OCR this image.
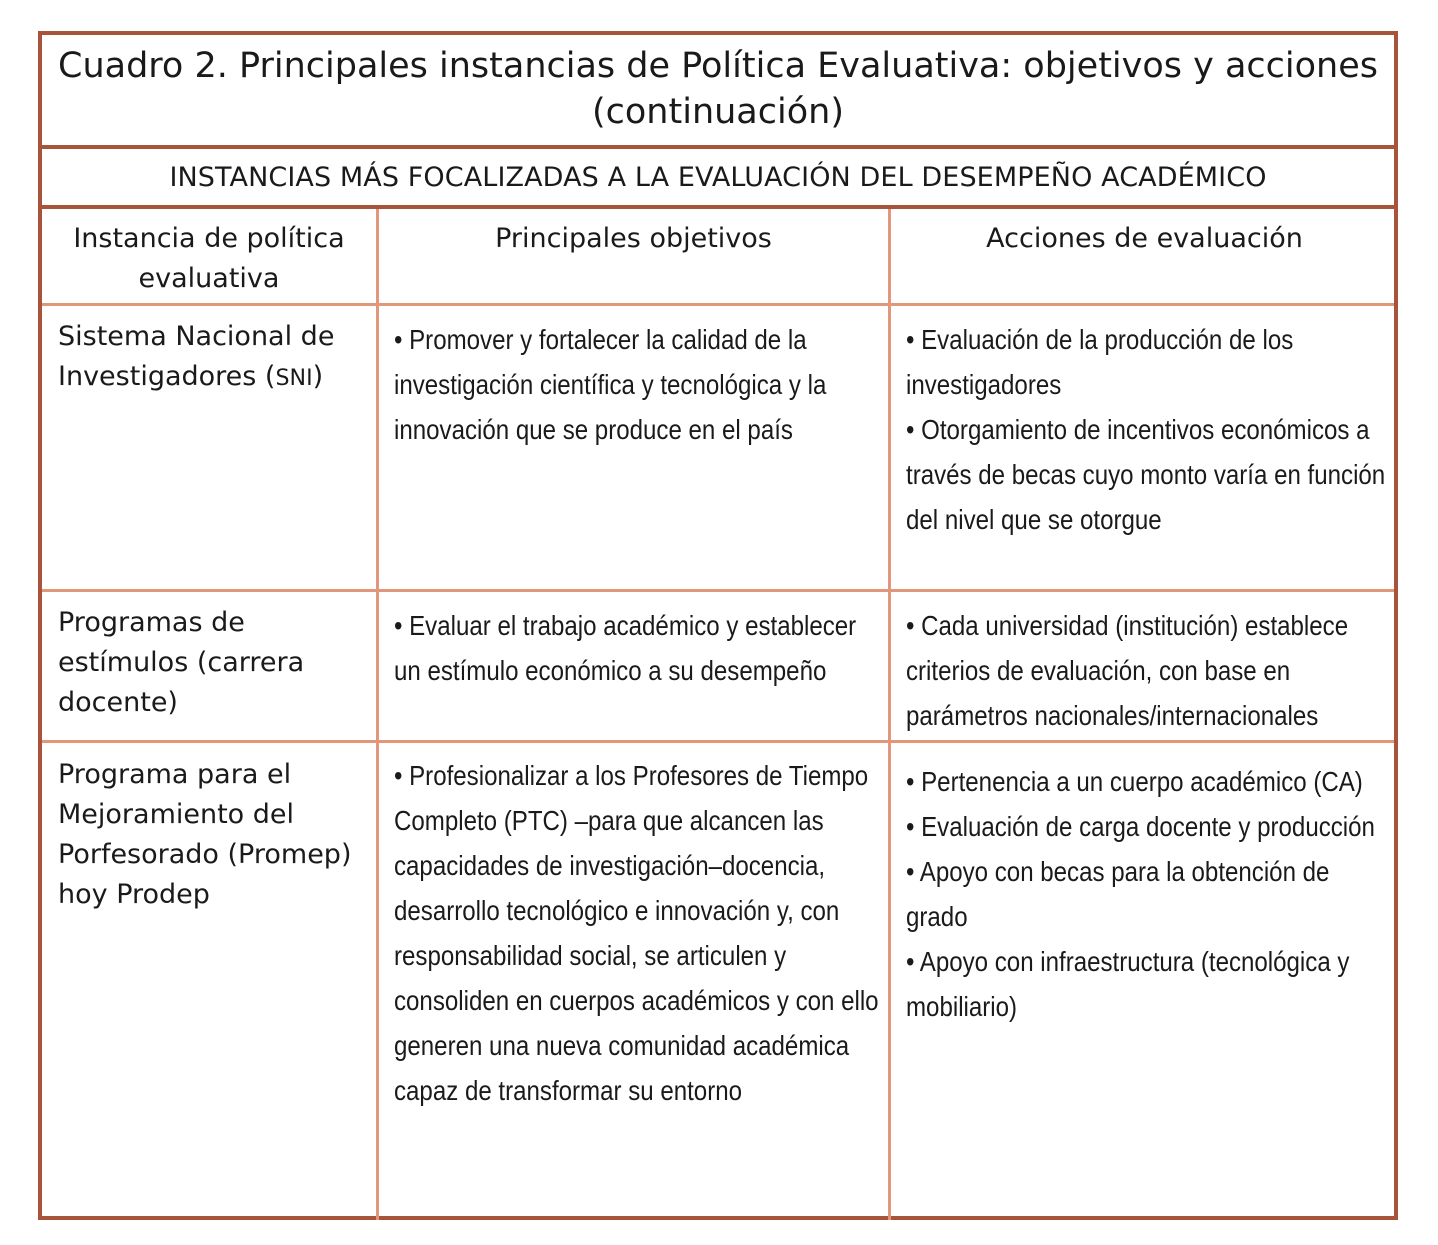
Cuadro 2. Principales instancias de Política Evaluativa: objetivos y acciones
(continuación)
INSTANCIAS MÁS FOCALIZADAS A LA EVALUACIÓN DEL DESEMPEÑO ACADÉMICO
Instancia de política evaluativa
Principales objetivos	Acciones de evaluación
Sistema Nacional de Investigadores (SNI)

• Promover y fortalecer la calidad de la investigación científica y tecnológica y la innovación que se produce en el país

• Evaluación de la producción de los investigadores

• Otorgamiento de incentivos económicos a través de becas cuyo monto varía en función del nivel que se otorgue

Programas de estímulos (carrera docente)

• Evaluar el trabajo académico y establecer un estímulo económico a su desempeño

• Cada universidad (institución) establece criterios de evaluación, con base en parámetros nacionales/internacionales

Programa para el Mejoramiento del Porfesorado (Promep) hoy Prodep

• Profesionalizar a los Profesores de Tiempo Completo (PTC) –para que alcancen las capacidades de investigación–docencia, desarrollo tecnológico e innovación y, con responsabilidad social, se articulen y consoliden en cuerpos académicos y con ello generen una nueva comunidad académica capaz de transformar su entorno

• Pertenencia a un cuerpo académico (CA)

• Evaluación de carga docente y producción

• Apoyo con becas para la obtención de grado

• Apoyo con infraestructura (tecnológica y mobiliario)
